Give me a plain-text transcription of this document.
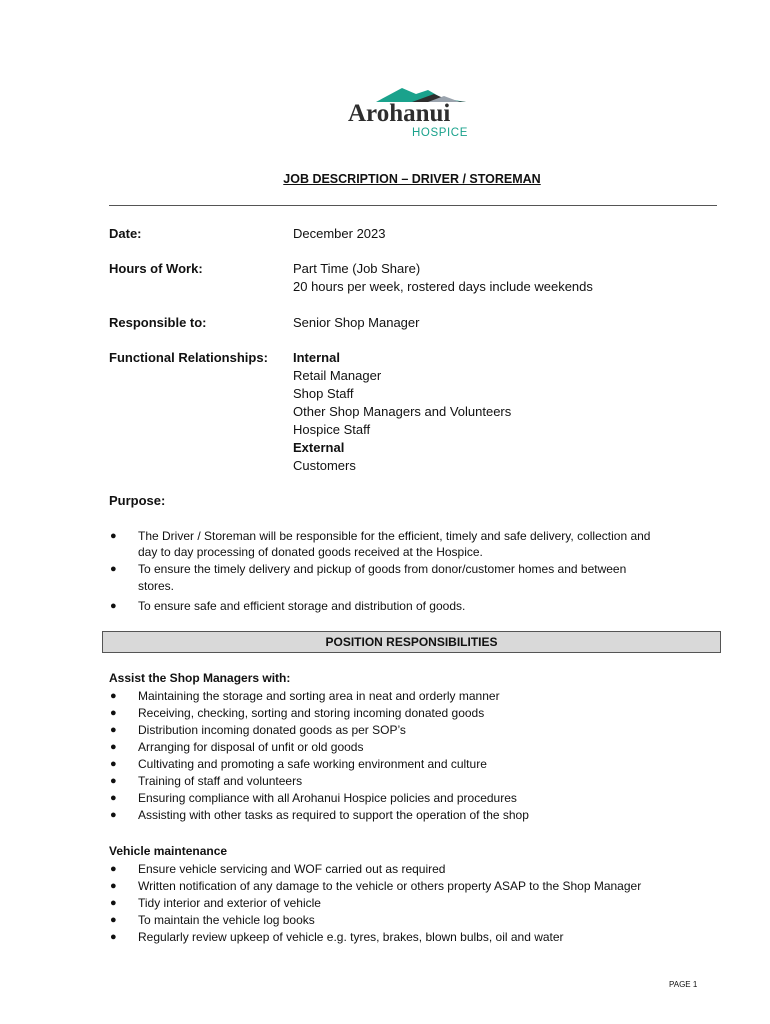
Arohanui
HOSPICE
JOB DESCRIPTION – DRIVER / STOREMAN
Date:	December 2023
Hours of Work:	Part Time (Job Share)
20 hours per week, rostered days include weekends
Responsible to:	Senior Shop Manager
Functional Relationships: Internal
Retail Manager
Shop Staff
Other Shop Managers and Volunteers
Hospice Staff
External
Customers
Purpose:
● The Driver / Storeman will be responsible for the efficient, timely and safe delivery, collection and
day to day processing of donated goods received at the Hospice.
● To ensure the timely delivery and pickup of goods from donor/customer homes and between
stores.
● To ensure safe and efficient storage and distribution of goods.
POSITION RESPONSIBILITIES
Assist the Shop Managers with:
● Maintaining the storage and sorting area in neat and orderly manner
● Receiving, checking, sorting and storing incoming donated goods
● Distribution incoming donated goods as per SOP’s
● Arranging for disposal of unfit or old goods
● Cultivating and promoting a safe working environment and culture
● Training of staff and volunteers
● Ensuring compliance with all Arohanui Hospice policies and procedures
● Assisting with other tasks as required to support the operation of the shop
Vehicle maintenance
● Ensure vehicle servicing and WOF carried out as required
● Written notification of any damage to the vehicle or others property ASAP to the Shop Manager
● Tidy interior and exterior of vehicle
● To maintain the vehicle log books
● Regularly review upkeep of vehicle e.g. tyres, brakes, blown bulbs, oil and water
PAGE 1
